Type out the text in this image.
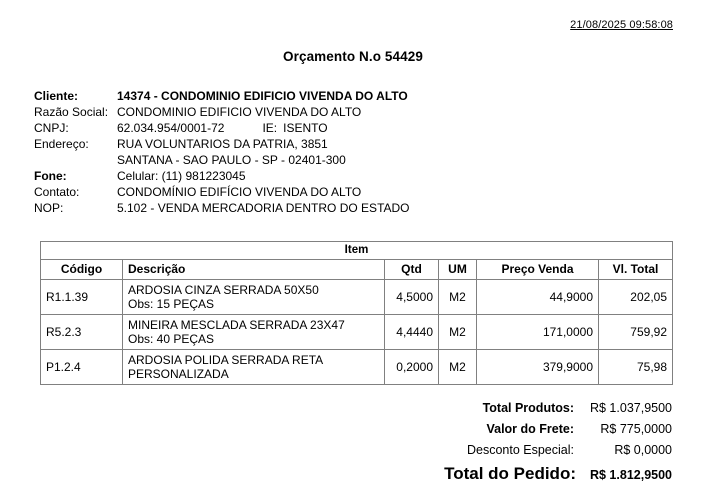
21/08/2025 09:58:08
Orçamento N.o 54429
Cliente:	14374 - CONDOMINIO EDIFICIO VIVENDA DO ALTO
Razão Social: CONDOMINIO EDIFICIO VIVENDA DO ALTO
CNPJ:	62.034.954/0001-72	IE: ISENTO
Endereço:	RUA VOLUNTARIOS DA PATRIA, 3851
SANTANA - SAO PAULO - SP - 02401-300
Fone:	Celular: (11) 981223045
Contato:	CONDOMÍNIO EDIFÍCIO VIVENDA DO ALTO
NOP:	5.102 - VENDA MERCADORIA DENTRO DO ESTADO
Item					
Código	Descrição	Qtd	UM	Preço Venda	Vl. Total
R1.1.39	ARDOSIA CINZA SERRADA 50X50
Obs: 15 PEÇAS	4,5000	M2	44,9000	202,05
R5.2.3	MINEIRA MESCLADA SERRADA 23X47
Obs: 40 PEÇAS	4,4440	M2	171,0000	759,92
P1.2.4	ARDOSIA POLIDA SERRADA RETA
PERSONALIZADA	0,2000	M2	379,9000	75,98
Total Produtos:	R$ 1.037,9500
Valor do Frete:	R$ 775,0000
Desconto Especial:	R$ 0,0000
Total do Pedido:	R$ 1.812,9500
